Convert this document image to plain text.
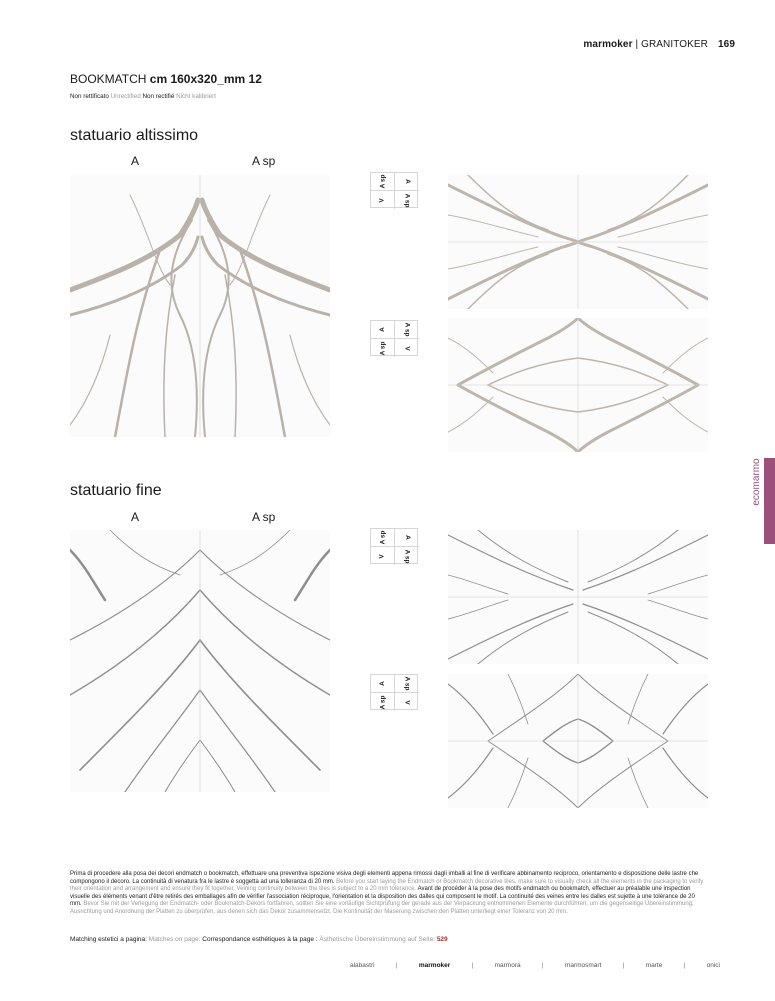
marmoker | GRANITOKER 169
BOOKMATCH cm 160x320_mm 12
Non rettificato Unrectified Non rectifié Nicht kalibriert
statuario altissimo
A	A sp
A sp	A
V	A sp
A	A sp
A sp	V
ecomarmo
statuario fine
A	A sp
A sp	A
V	A sp
A	A sp
A sp	V
Prima di procedere alla posa dei decori endmatch o bookmatch, effettuare una preventiva ispezione visiva degli elementi appena rimossi dagli imballi al fine di verificare abbinamento reciproco, orientamento e disposizione delle lastre che compongono il decoro. La continuità di venatura fra le lastre è soggetta ad una tolleranza di 20 mm. Before you start laying the Endmatch or Bookmatch decorative tiles, make sure to visually check all the elements in the packaging to verify their orientation and arrangement and ensure they fit together. Veining continuity between the tiles is subject to a 20 mm tolerance. Avant de procéder à la pose des motifs endmatch ou bookmatch, effectuer au préalable une inspection visuelle des éléments venant d'être retirés des emballages afin de vérifier l'association réciproque, l'orientation et la disposition des dalles qui composent le motif. La continuité des veines entre les dalles est sujette à une tolérance de 20 mm. Bevor Sie mit der Verlegung der Endmatch- oder Bookmatch-Dekors fortfahren, sollten Sie eine vorläufige Sichtprüfung der gerade aus der Verpackung entnommenen Elemente durchführen, um die gegenseitige Übereinstimmung, Ausrichtung und Anordnung der Platten zu überprüfen, aus denen sich das Dekor zusammensetzt. Die Kontinuität der Maserung zwischen den Platten unterliegt einer Toleranz von 20 mm.
Matching estetici a pagina: Matches on page: Correspondance esthétiques à la page : Ästhetische Übereinstimmung auf Seite: 529
alabastri	|	marmoker	|	marmora	|	marmosmart	|	marte	|	onici
